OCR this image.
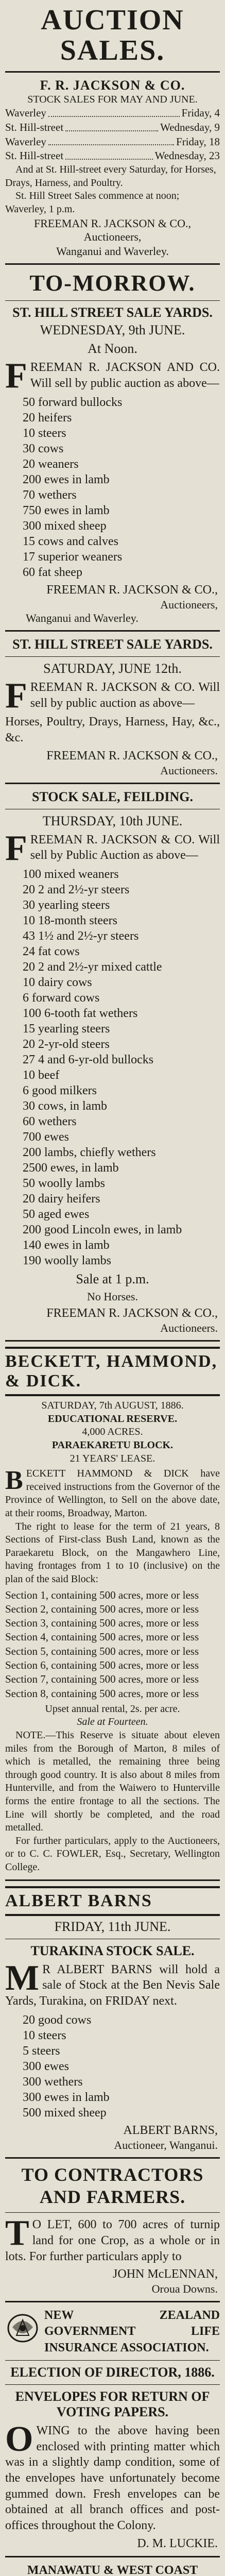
AUCTION SALES.
F. R. JACKSON & CO.
STOCK SALES FOR MAY AND JUNE.
Waverley	Friday, 4
St. Hill-street	Wednesday, 9
Waverley	Friday, 18
St. Hill-street	Wednesday, 23
And at St. Hill-street every Saturday, for Horses, Drays, Harness, and Poultry.
St. Hill Street Sales commence at noon; Waverley, 1 p.m.
FREEMAN R. JACKSON & CO., Auctioneers,
Wanganui and Waverley.
TO-MORROW.
ST. HILL STREET SALE YARDS.
WEDNESDAY, 9th JUNE.
At Noon.
FREEMAN R. JACKSON AND CO. Will sell by public auction as above—
50 forward bullocks
20 heifers
10 steers
30 cows
20 weaners
200 ewes in lamb
70 wethers
750 ewes in lamb
300 mixed sheep
15 cows and calves
17 superior weaners
60 fat sheep
FREEMAN R. JACKSON & CO.,
Auctioneers,
Wanganui and Waverley.
ST. HILL STREET SALE YARDS.
SATURDAY, JUNE 12th.
FREEMAN R. JACKSON & CO. Will sell by public auction as above—
Horses, Poultry, Drays, Harness, Hay, &c., &c.
FREEMAN R. JACKSON & CO.,
Auctioneers.
STOCK SALE, FEILDING.
THURSDAY, 10th JUNE.
FREEMAN R. JACKSON & CO. Will sell by Public Auction as above—
100 mixed weaners
20 2 and 2½-yr steers
30 yearling steers
10 18-month steers
43 1½ and 2½-yr steers
24 fat cows
20 2 and 2½-yr mixed cattle
10 dairy cows
6 forward cows
100 6-tooth fat wethers
15 yearling steers
20 2-yr-old steers
27 4 and 6-yr-old bullocks
10 beef
6 good milkers
30 cows, in lamb
60 wethers
700 ewes
200 lambs, chiefly wethers
2500 ewes, in lamb
50 woolly lambs
20 dairy heifers
50 aged ewes
200 good Lincoln ewes, in lamb
140 ewes in lamb
190 woolly lambs
Sale at 1 p.m.
No Horses.
FREEMAN R. JACKSON & CO.,
Auctioneers.
BECKETT, HAMMOND, & DICK.
SATURDAY, 7th AUGUST, 1886.
EDUCATIONAL RESERVE.
4,000 ACRES.
PARAEKARETU BLOCK.
21 YEARS' LEASE.
BECKETT HAMMOND & DICK have received instructions from the Governor of the Province of Wellington, to Sell on the above date, at their rooms, Broadway, Marton.
The right to lease for the term of 21 years, 8 Sections of First-class Bush Land, known as the Paraekaretu Block, on the Mangawhero Line, having frontages from 1 to 10 (inclusive) on the plan of the said Block:
Section 1, containing 500 acres, more or less
Section 2, containing 500 acres, more or less
Section 3, containing 500 acres, more or less
Section 4, containing 500 acres, more or less
Section 5, containing 500 acres, more or less
Section 6, containing 500 acres, more or less
Section 7, containing 500 acres, more or less
Section 8, containing 500 acres, more or less
Upset annual rental, 2s. per acre.
Sale at Fourteen.
NOTE.—This Reserve is situate about eleven miles from the Borough of Marton, 8 miles of which is metalled, the remaining three being through good country. It is also about 8 miles from Hunterville, and from the Waiwero to Hunterville forms the entire frontage to all the sections. The Line will shortly be completed, and the road metalled.
For further particulars, apply to the Auctioneers, or to C. C. FOWLER, Esq., Secretary, Wellington College.
ALBERT BARNS
FRIDAY, 11th JUNE.
TURAKINA STOCK SALE.
M R ALBERT BARNS will hold a sale of Stock at the Ben Nevis Sale Yards, Turakina, on FRIDAY next.
20 good cows
10 steers
5 steers
300 ewes
300 wethers
300 ewes in lamb
500 mixed sheep
ALBERT BARNS,
Auctioneer, Wanganui.
TO CONTRACTORS AND FARMERS.
T O LET, 600 to 700 acres of turnip land for one Crop, as a whole or in lots. For further particulars apply to
JOHN McLENNAN,
Oroua Downs.
NEW ZEALAND GOVERNMENT LIFE INSURANCE ASSOCIATION.
ELECTION OF DIRECTOR, 1886.
ENVELOPES FOR RETURN OF VOTING PAPERS.
OWING to the above having been enclosed with printing matter which was in a slightly damp condition, some of the envelopes have unfortunately become gummed down. Fresh envelopes can be obtained at all branch offices and post-offices throughout the Colony.
D. M. LUCKIE.
MANAWATU & WEST COAST
